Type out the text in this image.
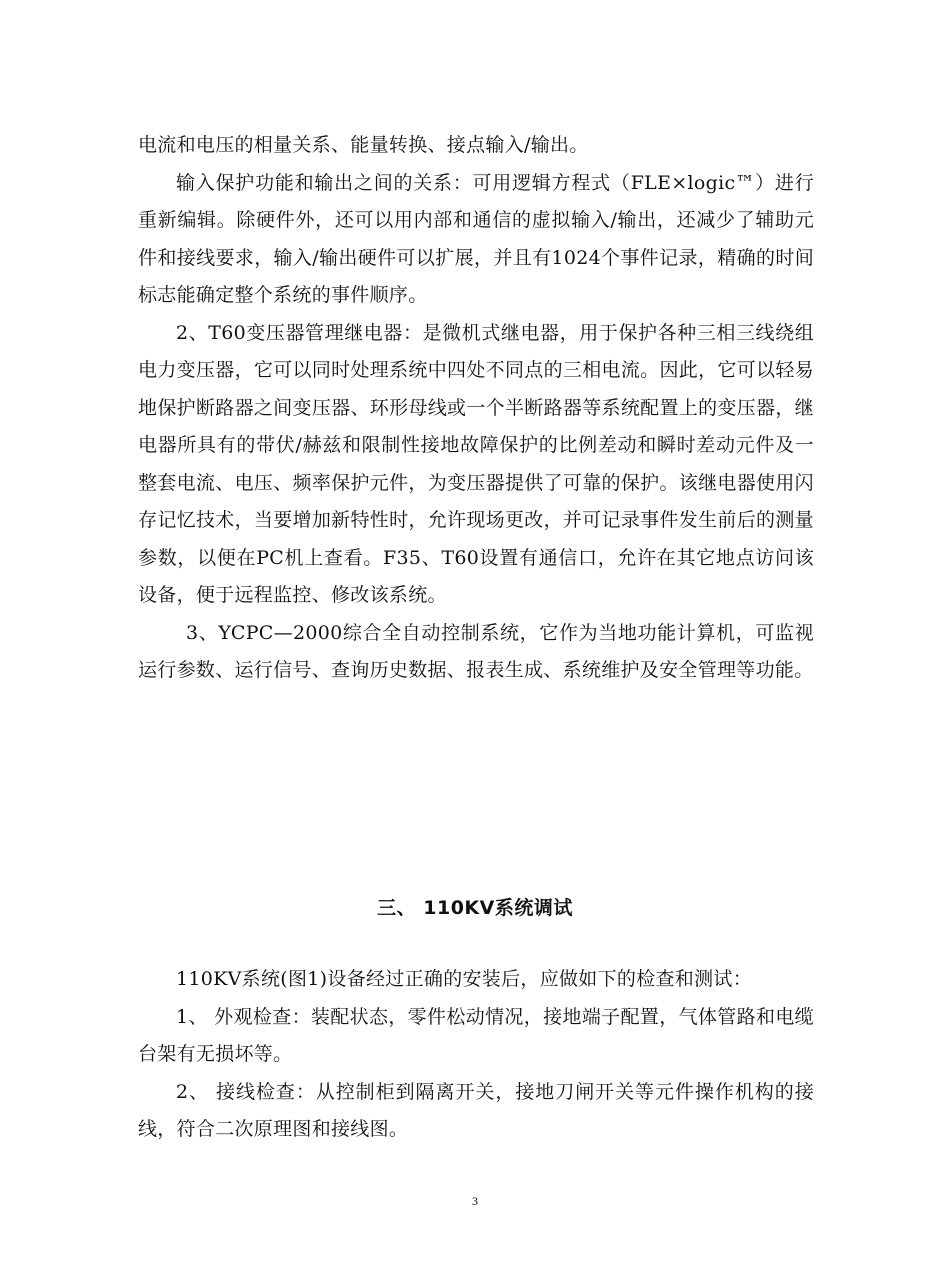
电流和电压的相量关系、能量转换、接点输入/输出。

输入保护功能和输出之间的关系：可用逻辑方程式（FLE×logic™）进行重新编辑。除硬件外，还可以用内部和通信的虚拟输入/输出，还减少了辅助元件和接线要求，输入/输出硬件可以扩展，并且有1024个事件记录，精确的时间标志能确定整个系统的事件顺序。

2、T60变压器管理继电器：是微机式继电器，用于保护各种三相三线绕组电力变压器，它可以同时处理系统中四处不同点的三相电流。因此，它可以轻易地保护断路器之间变压器、环形母线或一个半断路器等系统配置上的变压器，继电器所具有的带伏/赫兹和限制性接地故障保护的比例差动和瞬时差动元件及一整套电流、电压、频率保护元件，为变压器提供了可靠的保护。该继电器使用闪存记忆技术，当要增加新特性时，允许现场更改，并可记录事件发生前后的测量参数，以便在PC机上查看。F35、T60设置有通信口，允许在其它地点访问该设备，便于远程监控、修改该系统。

3、YCPC—2000综合全自动控制系统，它作为当地功能计算机，可监视运行参数、运行信号、查询历史数据、报表生成、系统维护及安全管理等功能。

三、 110KV系统调试

110KV系统(图1)设备经过正确的安装后，应做如下的检查和测试：

1、 外观检查：装配状态，零件松动情况，接地端子配置，气体管路和电缆台架有无损坏等。

2、 接线检查：从控制柜到隔离开关，接地刀闸开关等元件操作机构的接线，符合二次原理图和接线图。

3
